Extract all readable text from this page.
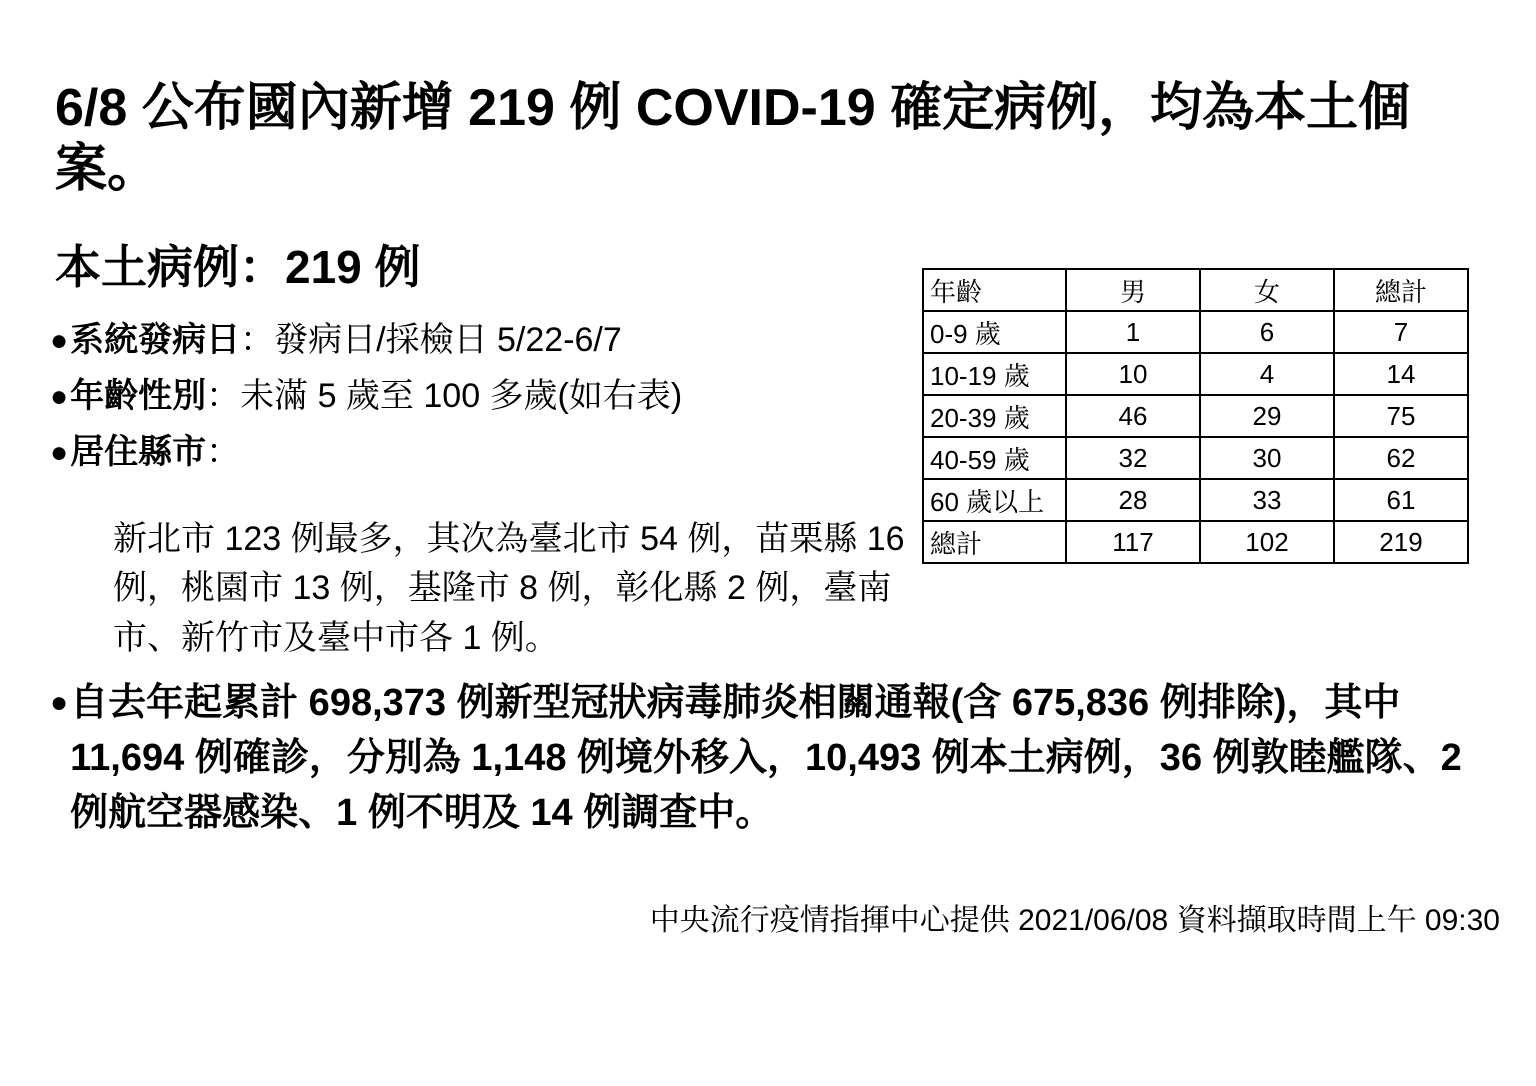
6/8 公布國內新增 219 例 COVID-19 確定病例，均為本土個案。
本土病例：219 例
● 系統發病日：發病日/採檢日 5/22-6/7
● 年齡性別：未滿 5 歲至 100 多歲(如右表)
● 居住縣市：
新北市 123 例最多，其次為臺北市 54 例，苗栗縣 16 例，桃園市 13 例，基隆市 8 例，彰化縣 2 例，臺南市、新竹市及臺中市各 1 例。
年齡	男	女	總計
0-9 歲	1	6	7
10-19 歲	10	4	14
20-39 歲	46	29	75
40-59 歲	32	30	62
60 歲以上	28	33	61
總計	117	102	219
● 自去年起累計 698,373 例新型冠狀病毒肺炎相關通報(含 675,836 例排除)，其中 11,694 例確診，分別為 1,148 例境外移入，10,493 例本土病例，36 例敦睦艦隊、2 例航空器感染、1 例不明及 14 例調查中。
中央流行疫情指揮中心提供 2021/06/08 資料擷取時間上午 09:30
